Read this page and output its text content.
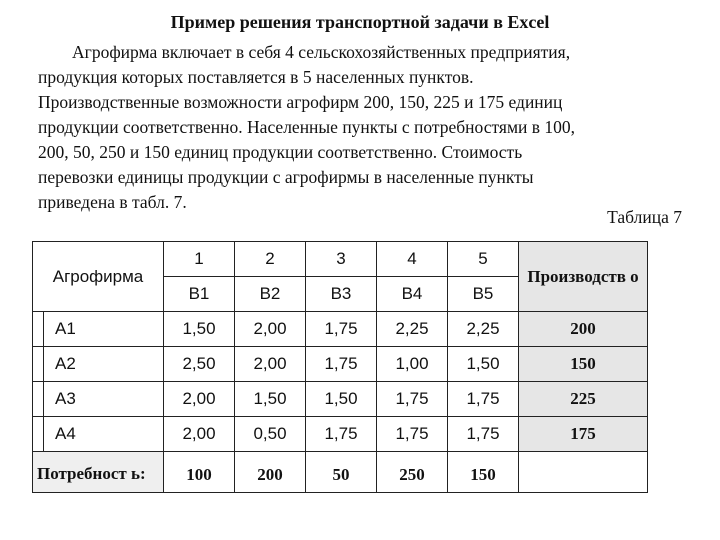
Пример решения транспортной задачи в Excel
Агрофирма включает в себя 4 сельскохозяйственных предприятия,
продукция которых поставляется в 5 населенных пунктов.
Производственные возможности агрофирм 200, 150, 225 и 175 единиц
продукции соответственно. Населенные пункты с потребностями в 100,
200, 50, 250 и 150 единиц продукции соответственно. Стоимость
перевозки единицы продукции с агрофирмы в населенные пункты
приведена в табл. 7.
Таблица 7
Агрофирма	1	2	3	4	5	Производств о
	B1	B2	B3	B4	B5	
A1	1,50	2,00	1,75	2,25	2,25	200
A2	2,50	2,00	1,75	1,00	1,50	150
A3	2,00	1,50	1,50	1,75	1,75	225
A4	2,00	0,50	1,75	1,75	1,75	175
Потребност ь:	100	200	50	250	150	
